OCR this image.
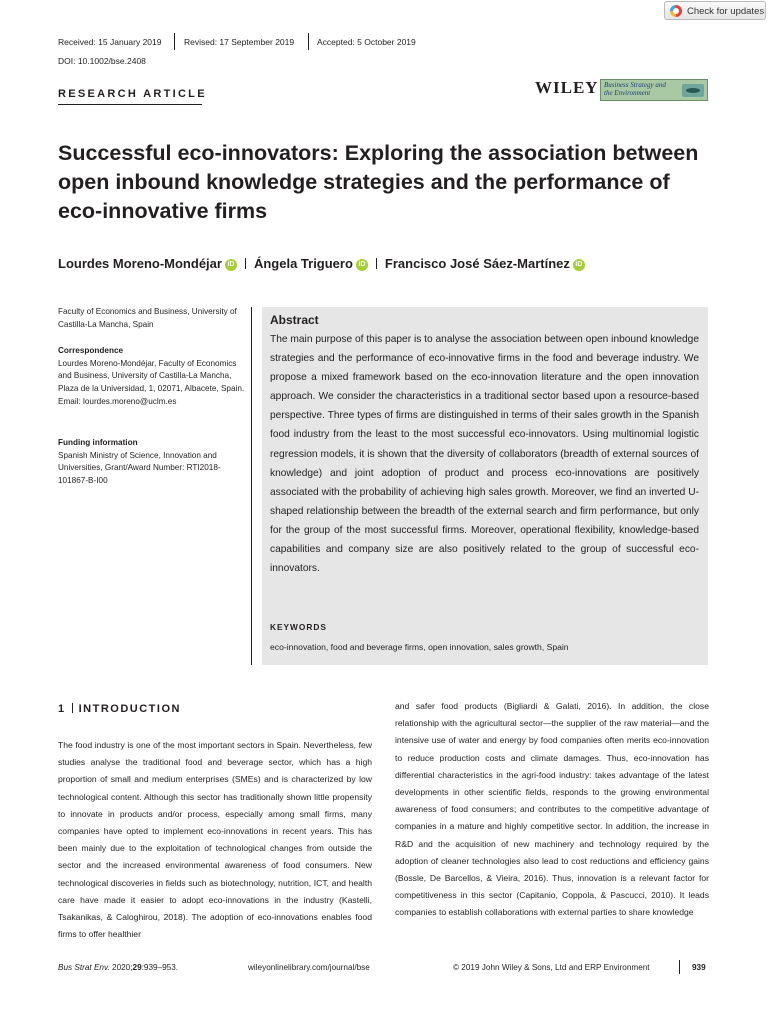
Check for updates
Received: 15 January 2019	Revised: 17 September 2019	Accepted: 5 October 2019
DOI: 10.1002/bse.2408
RESEARCH ARTICLE	WILEY Business Strategy and the Environment
Successful eco-innovators: Exploring the association between open inbound knowledge strategies and the performance of eco-innovative firms
Lourdes Moreno-Mondéjar iD Ángela Triguero iD Francisco José Sáez-Martínez iD
Faculty of Economics and Business, University of Castilla-La Mancha, Spain
Correspondence
Lourdes Moreno-Mondéjar, Faculty of Economics and Business, University of Castilla-La Mancha, Plaza de la Universidad, 1, 02071, Albacete, Spain.
Email: lourdes.moreno@uclm.es
Funding information
Spanish Ministry of Science, Innovation and Universities, Grant/Award Number: RTI2018-101867-B-I00
Abstract
The main purpose of this paper is to analyse the association between open inbound knowledge strategies and the performance of eco-innovative firms in the food and beverage industry. We propose a mixed framework based on the eco-innovation literature and the open innovation approach. We consider the characteristics in a traditional sector based upon a resource-based perspective. Three types of firms are distinguished in terms of their sales growth in the Spanish food industry from the least to the most successful eco-innovators. Using multinomial logistic regression models, it is shown that the diversity of collaborators (breadth of external sources of knowledge) and joint adoption of product and process eco-innovations are positively associated with the probability of achieving high sales growth. Moreover, we find an inverted U-shaped relationship between the breadth of the external search and firm performance, but only for the group of the most successful firms. Moreover, operational flexibility, knowledge-based capabilities and company size are also positively related to the group of successful eco-innovators.
KEYWORDS
eco-innovation, food and beverage firms, open innovation, sales growth, Spain
1 INTRODUCTION
The food industry is one of the most important sectors in Spain. Nevertheless, few studies analyse the traditional food and beverage sector, which has a high proportion of small and medium enterprises (SMEs) and is characterized by low technological content. Although this sector has traditionally shown little propensity to innovate in products and/or process, especially among small firms, many companies have opted to implement eco-innovations in recent years. This has been mainly due to the exploitation of technological changes from outside the sector and the increased environmental awareness of food consumers. New technological discoveries in fields such as biotechnology, nutrition, ICT, and health care have made it easier to adopt eco-innovations in the industry (Kastelli, Tsakanikas, & Caloghirou, 2018). The adoption of eco-innovations enables food firms to offer healthier
and safer food products (Bigliardi & Galati, 2016). In addition, the close relationship with the agricultural sector—the supplier of the raw material—and the intensive use of water and energy by food companies often merits eco-innovation to reduce production costs and climate damages. Thus, eco-innovation has differential characteristics in the agri-food industry: takes advantage of the latest developments in other scientific fields, responds to the growing environmental awareness of food consumers; and contributes to the competitive advantage of companies in a mature and highly competitive sector. In addition, the increase in R&D and the acquisition of new machinery and technology required by the adoption of cleaner technologies also lead to cost reductions and efficiency gains (Bossle, De Barcellos, & Vieira, 2016). Thus, innovation is a relevant factor for competitiveness in this sector (Capitanio, Coppola, & Pascucci, 2010). It leads companies to establish collaborations with external parties to share knowledge
Bus Strat Env. 2020;29:939–953.	wileyonlinelibrary.com/journal/bse	© 2019 John Wiley & Sons, Ltd and ERP Environment	939
